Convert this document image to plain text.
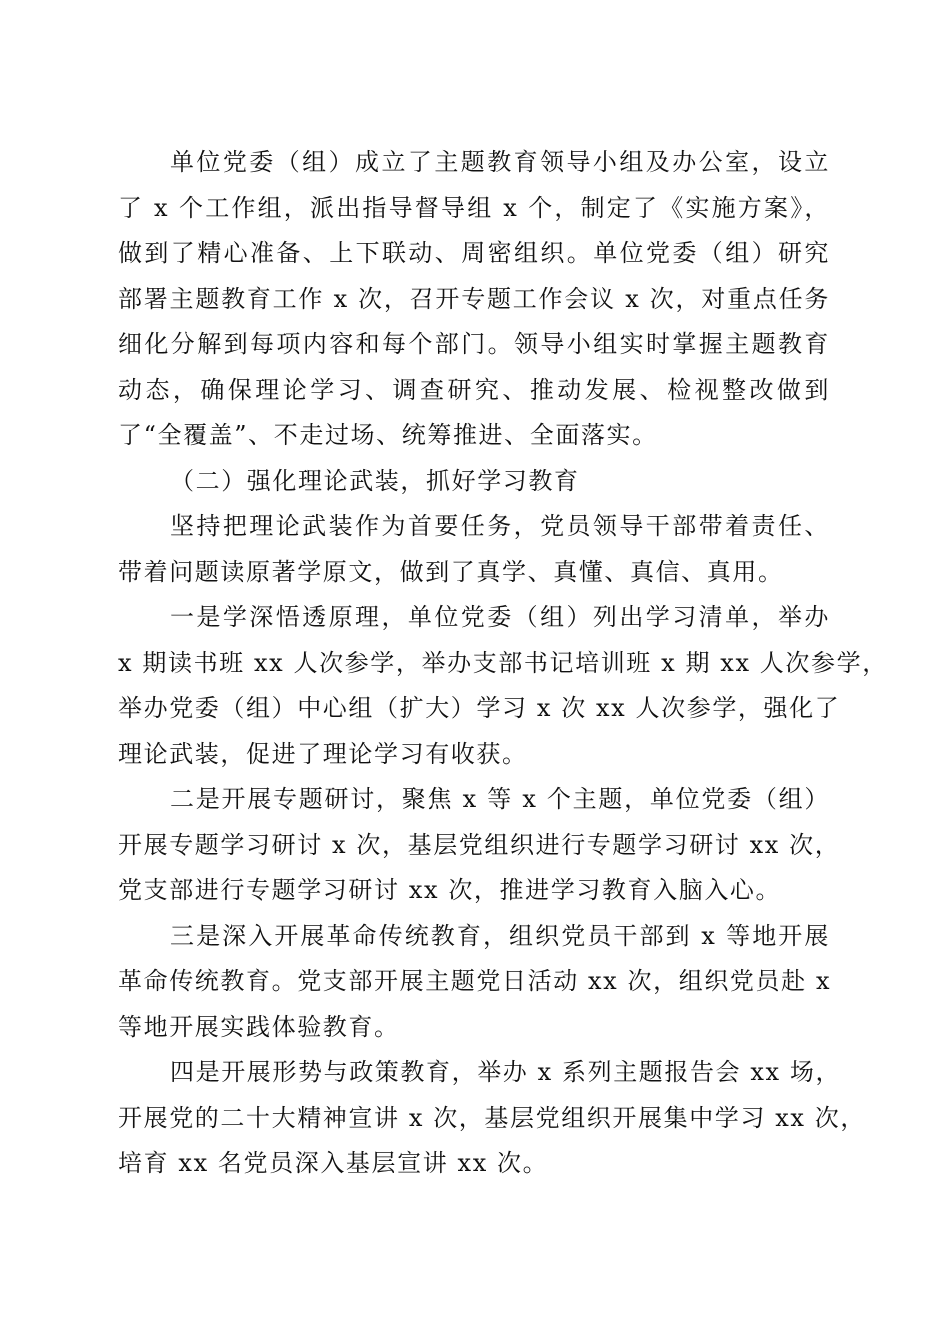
单位党委（组）成立了主题教育领导小组及办公室，设立
了 x 个工作组，派出指导督导组 x 个，制定了《实施方案》，
做到了精心准备、上下联动、周密组织。单位党委（组）研究
部署主题教育工作 x 次，召开专题工作会议 x 次，对重点任务
细化分解到每项内容和每个部门。领导小组实时掌握主题教育
动态，确保理论学习、调查研究、推动发展、检视整改做到
了“全覆盖”、不走过场、统筹推进、全面落实。

（二）强化理论武装，抓好学习教育

坚持把理论武装作为首要任务，党员领导干部带着责任、
带着问题读原著学原文，做到了真学、真懂、真信、真用。

一是学深悟透原理，单位党委（组）列出学习清单，举办
x 期读书班 xx 人次参学，举办支部书记培训班 x 期 xx 人次参学，
举办党委（组）中心组（扩大）学习 x 次 xx 人次参学，强化了
理论武装，促进了理论学习有收获。

二是开展专题研讨，聚焦 x 等 x 个主题，单位党委（组）
开展专题学习研讨 x 次，基层党组织进行专题学习研讨 xx 次，
党支部进行专题学习研讨 xx 次，推进学习教育入脑入心。

三是深入开展革命传统教育，组织党员干部到 x 等地开展
革命传统教育。党支部开展主题党日活动 xx 次，组织党员赴 x
等地开展实践体验教育。

四是开展形势与政策教育，举办 x 系列主题报告会 xx 场，
开展党的二十大精神宣讲 x 次，基层党组织开展集中学习 xx 次，
培育 xx 名党员深入基层宣讲 xx 次。
